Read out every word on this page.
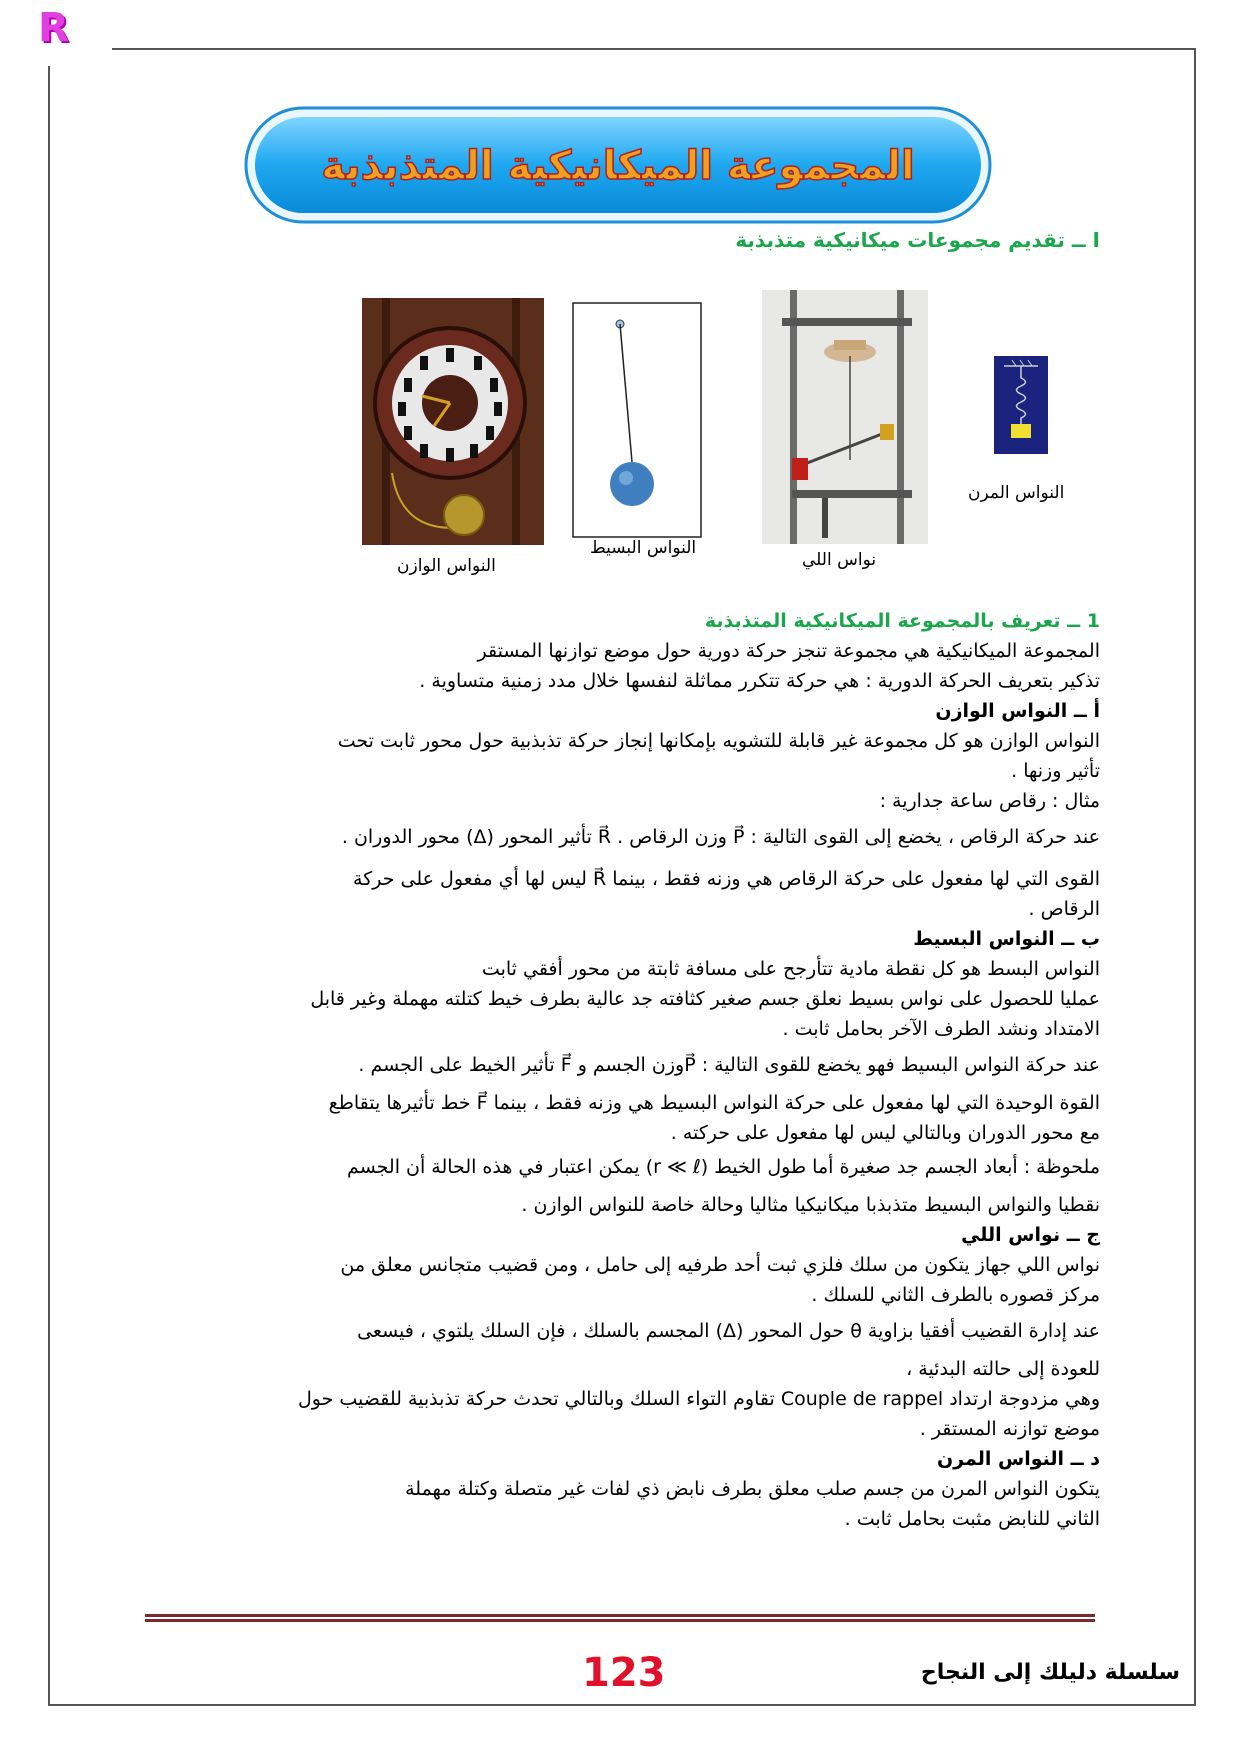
R
المجموعة الميكانيكية المتذبذبة
I ــ تقديم مجموعات ميكانيكية متذبذبة
النواس الوازن
النواس البسيط
نواس اللي
النواس المرن
1 ــ تعريف بالمجموعة الميكانيكية المتذبذبة
المجموعة الميكانيكية هي مجموعة تنجز حركة دورية حول موضع توازنها المستقر
تذكير بتعريف الحركة الدورية : هي حركة تتكرر مماثلة لنفسها خلال مدد زمنية متساوية .
أ ــ النواس الوازن
النواس الوازن هو كل مجموعة غير قابلة للتشويه بإمكانها إنجاز حركة تذبذبية حول محور ثابت تحت
تأثير وزنها .
مثال : رقاص ساعة جدارية :
عند حركة الرقاص ، يخضع إلى القوى التالية : P⃗ وزن الرقاص . R⃗ تأثير المحور (Δ) محور الدوران .
القوى التي لها مفعول على حركة الرقاص هي وزنه فقط ، بينما R⃗ ليس لها أي مفعول على حركة
الرقاص .
ب ــ النواس البسيط
النواس البسط هو كل نقطة مادية تتأرجح على مسافة ثابتة من محور أفقي ثابت
عمليا للحصول على نواس بسيط نعلق جسم صغير كثافته جد عالية بطرف خيط كتلته مهملة وغير قابل
الامتداد ونشد الطرف الآخر بحامل ثابت .
عند حركة النواس البسيط فهو يخضع للقوى التالية : P⃗وزن الجسم و F⃗ تأثير الخيط على الجسم .
القوة الوحيدة التي لها مفعول على حركة النواس البسيط هي وزنه فقط ، بينما F⃗ خط تأثيرها يتقاطع
مع محور الدوران وبالتالي ليس لها مفعول على حركته .
ملحوظة : أبعاد الجسم جد صغيرة أما طول الخيط (r ≪ ℓ) يمكن اعتبار في هذه الحالة أن الجسم
نقطيا والنواس البسيط متذبذبا ميكانيكيا مثاليا وحالة خاصة للنواس الوازن .
ج ــ نواس اللي
نواس اللي جهاز يتكون من سلك فلزي ثبت أحد طرفيه إلى حامل ، ومن قضيب متجانس معلق من
مركز قصوره بالطرف الثاني للسلك .
عند إدارة القضيب أفقيا بزاوية θ حول المحور (Δ) المجسم بالسلك ، فإن السلك يلتوي ، فيسعى
للعودة إلى حالته البدئية ،
وهي مزدوجة ارتداد Couple de rappel تقاوم التواء السلك وبالتالي تحدث حركة تذبذبية للقضيب حول
موضع توازنه المستقر .
د ــ النواس المرن
يتكون النواس المرن من جسم صلب معلق بطرف نابض ذي لفات غير متصلة وكتلة مهملة
الثاني للنابض مثبت بحامل ثابت .
123	سلسلة دليلك إلى النجاح
